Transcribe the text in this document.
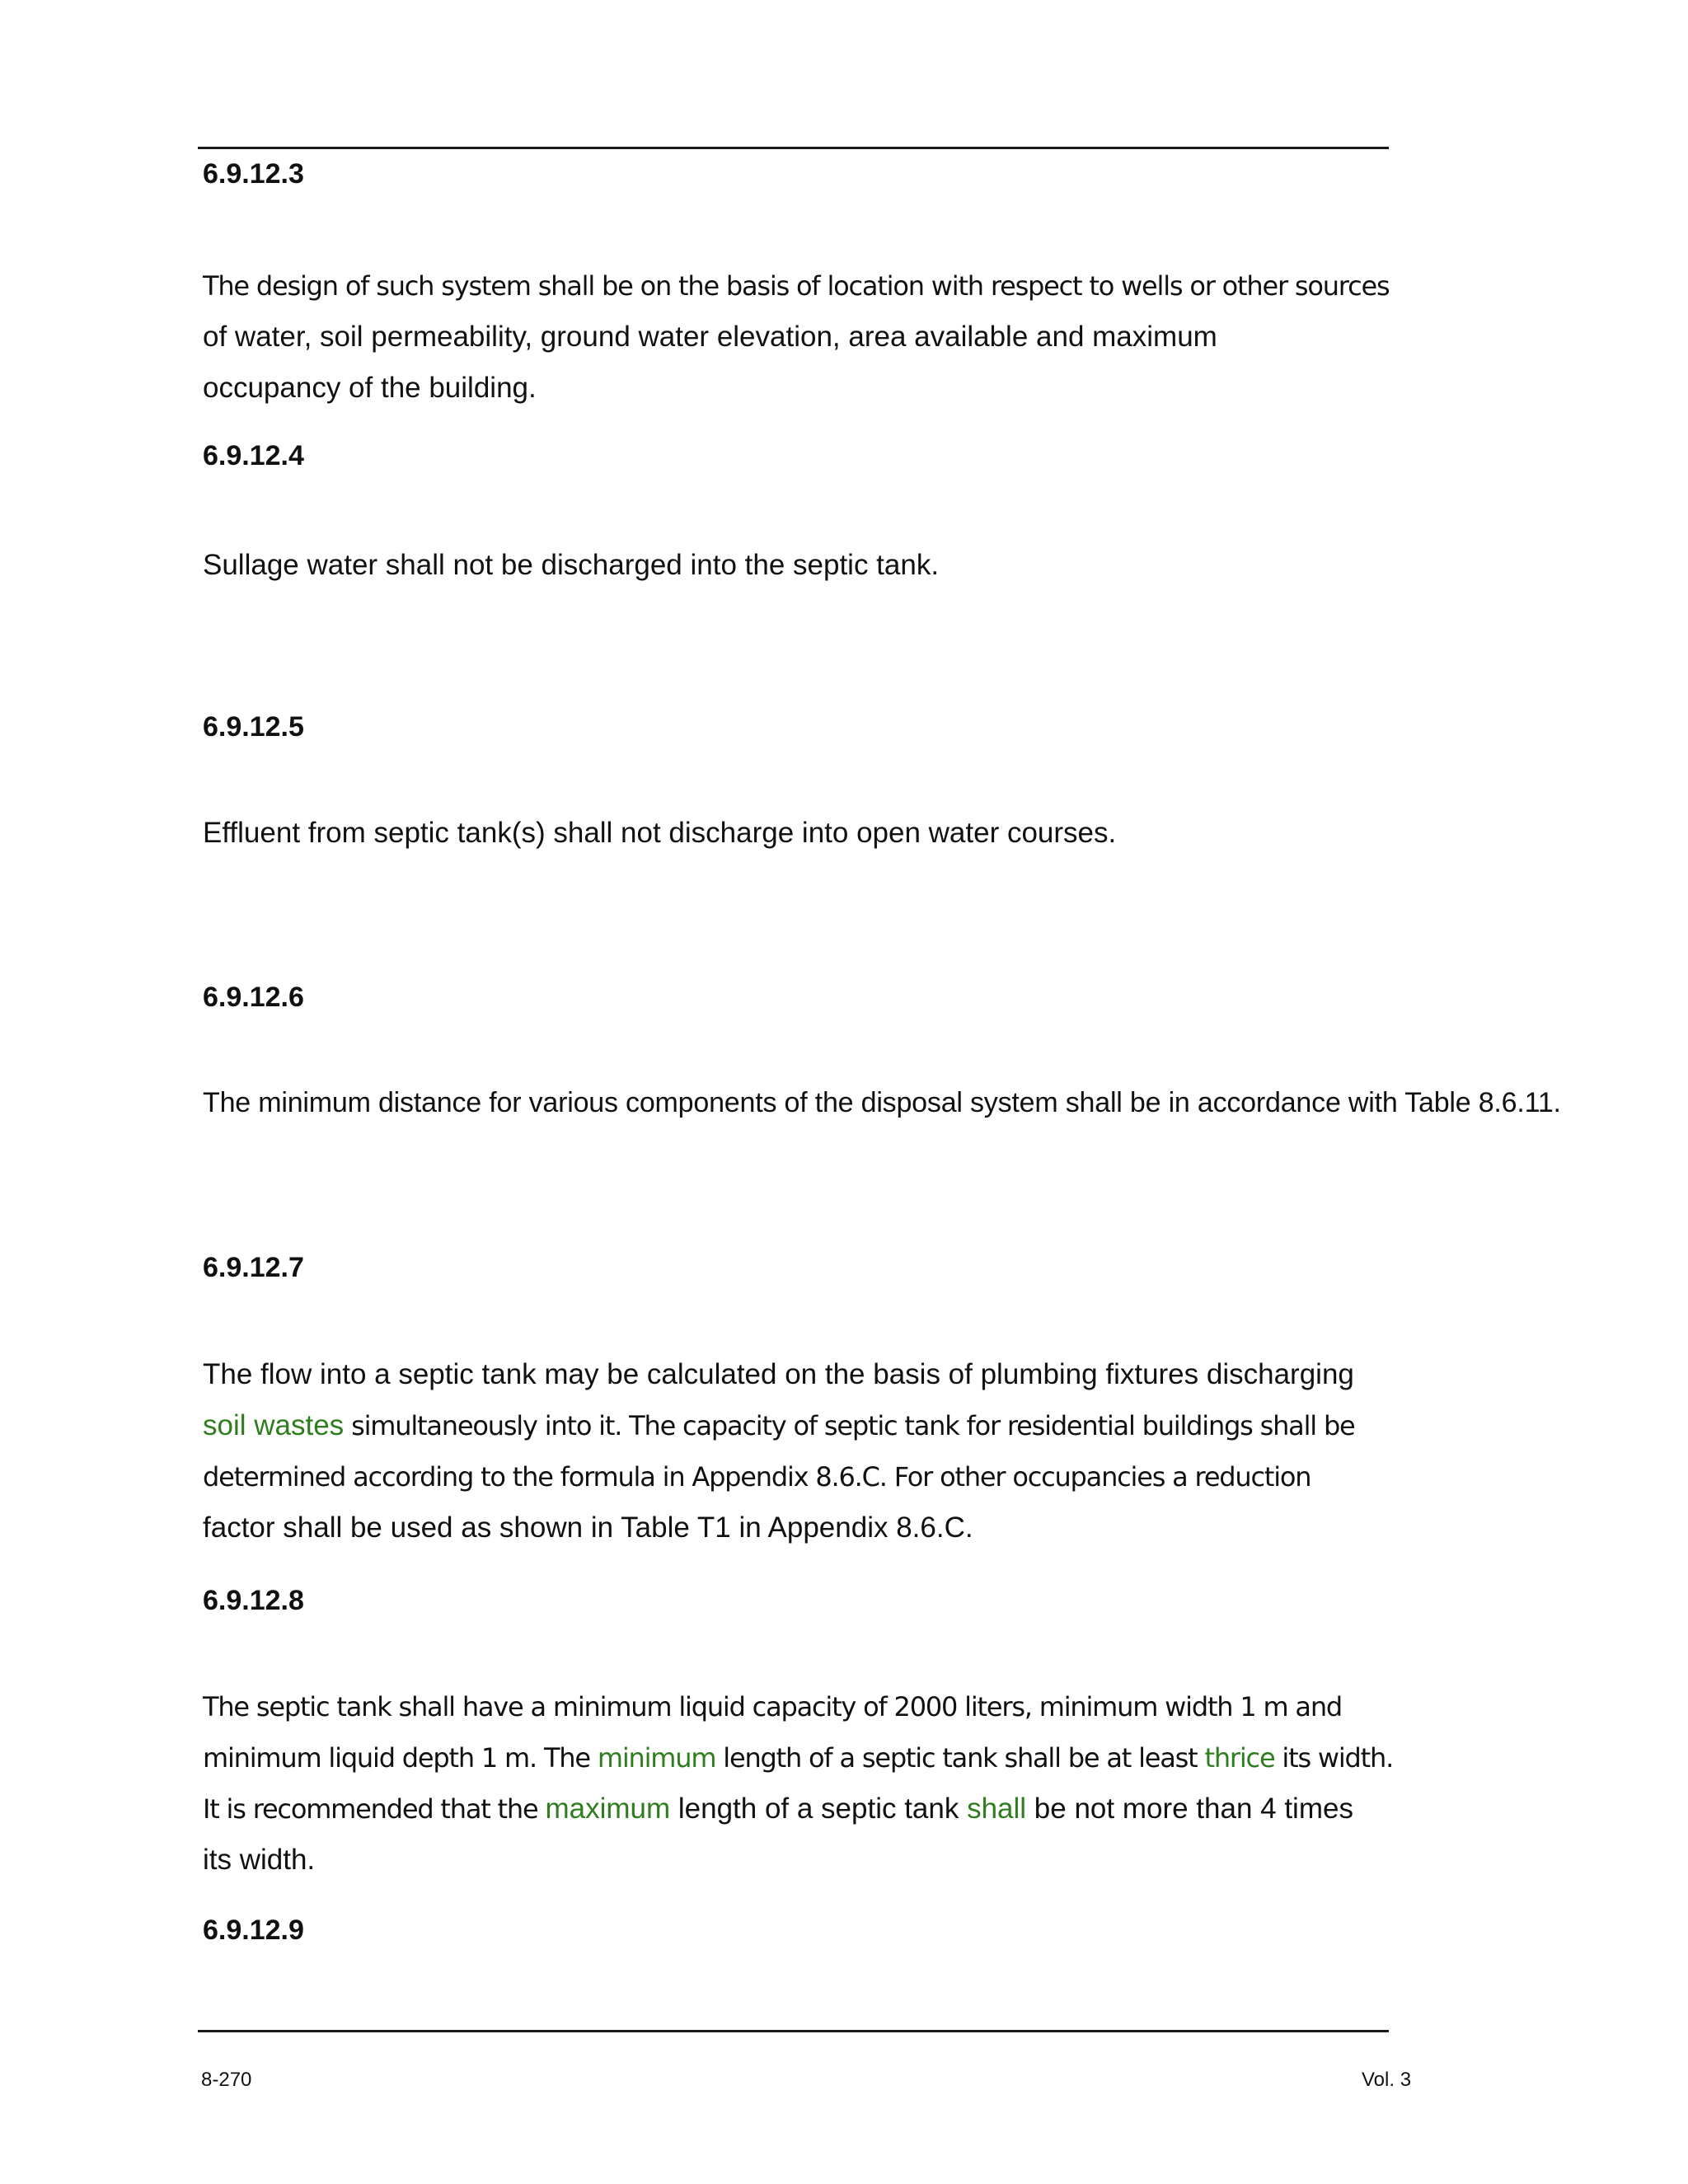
6.9.12.3
The design of such system shall be on the basis of location with respect to wells or other sources
of water, soil permeability, ground water elevation, area available and maximum
occupancy of the building.
6.9.12.4
Sullage water shall not be discharged into the septic tank.
6.9.12.5
Effluent from septic tank(s) shall not discharge into open water courses.
6.9.12.6
The minimum distance for various components of the disposal system shall be in accordance with Table 8.6.11.
6.9.12.7
The flow into a septic tank may be calculated on the basis of plumbing fixtures discharging
soil wastes simultaneously into it. The capacity of septic tank for residential buildings shall be
determined according to the formula in Appendix 8.6.C. For other occupancies a reduction
factor shall be used as shown in Table T1 in Appendix 8.6.C.
6.9.12.8
The septic tank shall have a minimum liquid capacity of 2000 liters, minimum width 1 m and
minimum liquid depth 1 m. The minimum length of a septic tank shall be at least thrice its width.
It is recommended that the maximum length of a septic tank shall be not more than 4 times
its width.
6.9.12.9
8-270	Vol. 3
